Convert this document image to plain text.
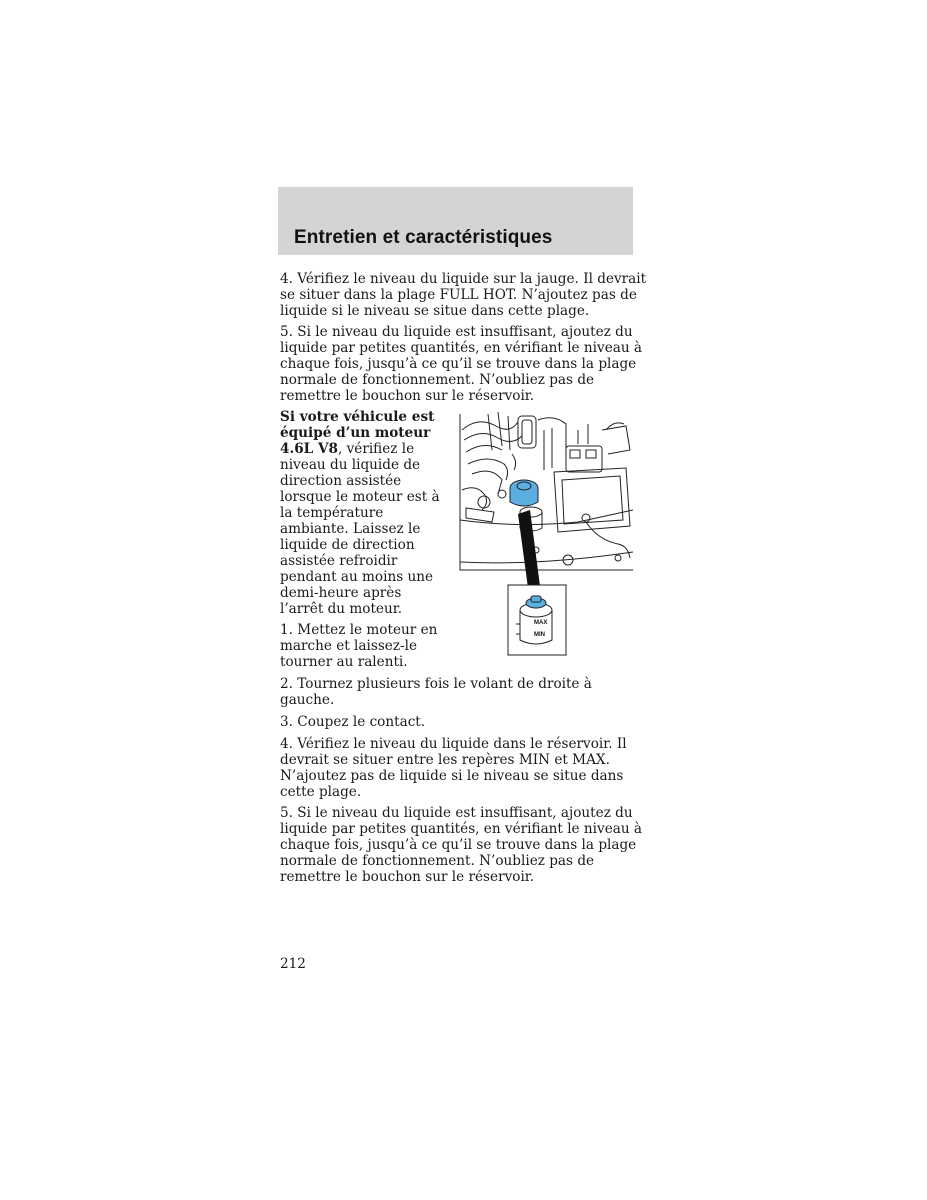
Entretien et caractéristiques

4. Vérifiez le niveau du liquide sur la jauge. Il devrait
se situer dans la plage FULL HOT. N’ajoutez pas de
liquide si le niveau se situe dans cette plage.

5. Si le niveau du liquide est insuffisant, ajoutez du
liquide par petites quantités, en vérifiant le niveau à
chaque fois, jusqu’à ce qu’il se trouve dans la plage
normale de fonctionnement. N’oubliez pas de
remettre le bouchon sur le réservoir.

Si votre véhicule est
équipé d’un moteur
4.6L V8, vérifiez le
niveau du liquide de
direction assistée
lorsque le moteur est à
la température
ambiante. Laissez le
liquide de direction
assistée refroidir
pendant au moins une
demi-heure après
l’arrêt du moteur.

1. Mettez le moteur en
marche et laissez-le
tourner au ralenti.

MAX
MIN

2. Tournez plusieurs fois le volant de droite à
gauche.

3. Coupez le contact.

4. Vérifiez le niveau du liquide dans le réservoir. Il
devrait se situer entre les repères MIN et MAX.
N’ajoutez pas de liquide si le niveau se situe dans
cette plage.

5. Si le niveau du liquide est insuffisant, ajoutez du
liquide par petites quantités, en vérifiant le niveau à
chaque fois, jusqu’à ce qu’il se trouve dans la plage
normale de fonctionnement. N’oubliez pas de
remettre le bouchon sur le réservoir.

212
